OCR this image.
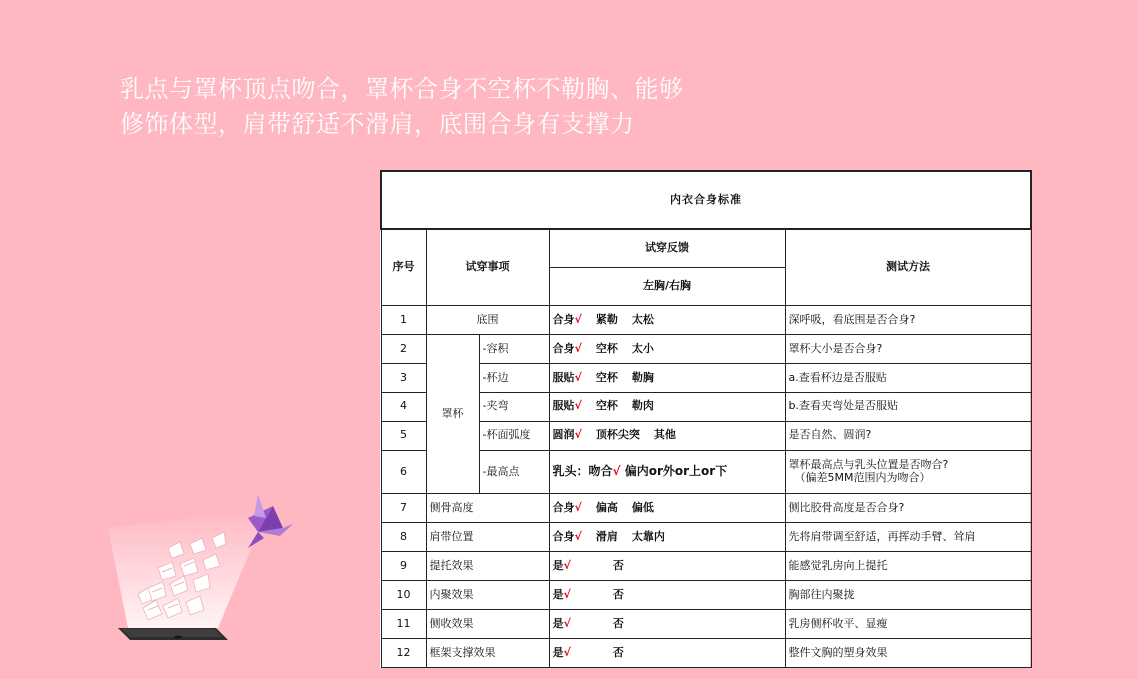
乳点与罩杯顶点吻合，罩杯合身不空杯不勒胸、能够修饰体型，肩带舒适不滑肩，底围合身有支撑力
内衣合身标准				
序号	试穿事项		试穿反馈	测试方法
			左胸/右胸	
1	底围		合身√ 紧勒 太松	深呼吸，看底围是否合身?
2	罩杯	-容积	合身√ 空杯 太小	罩杯大小是否合身?
3		-杯边	服贴√ 空杯 勒胸	a.查看杯边是否服贴
4		-夹弯	服贴√ 空杯 勒肉	b.查看夹弯处是否服贴
5		-杯面弧度	圆润√ 顶杯尖突 其他	是否自然、圆润?
6		-最高点	乳头：吻合√ 偏内or外or上or下	罩杯最高点与乳头位置是否吻合?
（偏差5MM范围内为吻合）

7	侧骨高度		合身√ 偏高 偏低	侧比胶骨高度是否合身?
8	肩带位置		合身√ 滑肩 太靠内	先将肩带调至舒适，再挥动手臂、耸肩
9	提托效果		是√ 否	能感觉乳房向上提托
10	内聚效果		是√ 否	胸部往内聚拢
11	侧收效果		是√ 否	乳房侧杯收平、显瘦
12	框架支撑效果		是√ 否	整件文胸的塑身效果
